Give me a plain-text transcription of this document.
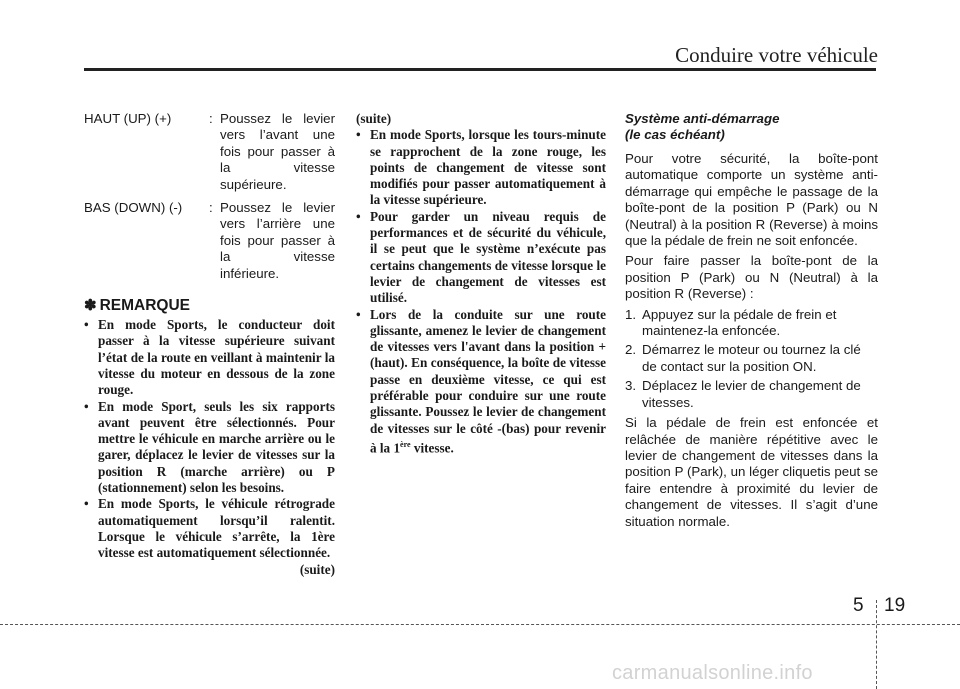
Conduire votre véhicule
HAUT (UP) (+)	: Poussez le levier vers l’avant une fois pour passer à la vitesse supérieure.
BAS (DOWN) (-)	: Poussez le levier vers l’arrière une fois pour passer à la vitesse inférieure.
✽ REMARQUE
• En mode Sports, le conducteur doit passer à la vitesse supérieure suivant l’état de la route en veillant à maintenir la vitesse du moteur en dessous de la zone rouge.
• En mode Sport, seuls les six rapports avant peuvent être sélectionnés. Pour mettre le véhicule en marche arrière ou le garer, déplacez le levier de vitesses sur la position R (marche arrière) ou P (stationnement) selon les besoins.
• En mode Sports, le véhicule rétrograde automatiquement lorsqu’il ralentit. Lorsque le véhicule s’arrête, la 1ère vitesse est automatiquement sélectionnée.
(suite)
(suite)
• En mode Sports, lorsque les tours-minute se rapprochent de la zone rouge, les points de changement de vitesse sont modifiés pour passer automatiquement à la vitesse supérieure.
• Pour garder un niveau requis de performances et de sécurité du véhicule, il se peut que le système n’exécute pas certains changements de vitesse lorsque le levier de changement de vitesses est utilisé.
• Lors de la conduite sur une route glissante, amenez le levier de changement de vitesses vers l'avant dans la position +(haut). En conséquence, la boîte de vitesse passe en deuxième vitesse, ce qui est préférable pour conduire sur une route glissante. Poussez le levier de changement de vitesses sur le côté -(bas) pour revenir à la 1ère vitesse.
Système anti-démarrage
(le cas échéant)
Pour votre sécurité, la boîte-pont automatique comporte un système anti-démarrage qui empêche le passage de la boîte-pont de la position P (Park) ou N (Neutral) à la position R (Reverse) à moins que la pédale de frein ne soit enfoncée.
Pour faire passer la boîte-pont de la position P (Park) ou N (Neutral) à la position R (Reverse) :
1. Appuyez sur la pédale de frein et maintenez-la enfoncée.
2. Démarrez le moteur ou tournez la clé de contact sur la position ON.
3. Déplacez le levier de changement de vitesses.
Si la pédale de frein est enfoncée et relâchée de manière répétitive avec le levier de changement de vitesses dans la position P (Park), un léger cliquetis peut se faire entendre à proximité du levier de changement de vitesses. Il s’agit d’une situation normale.
5 19
carmanualsonline.info
